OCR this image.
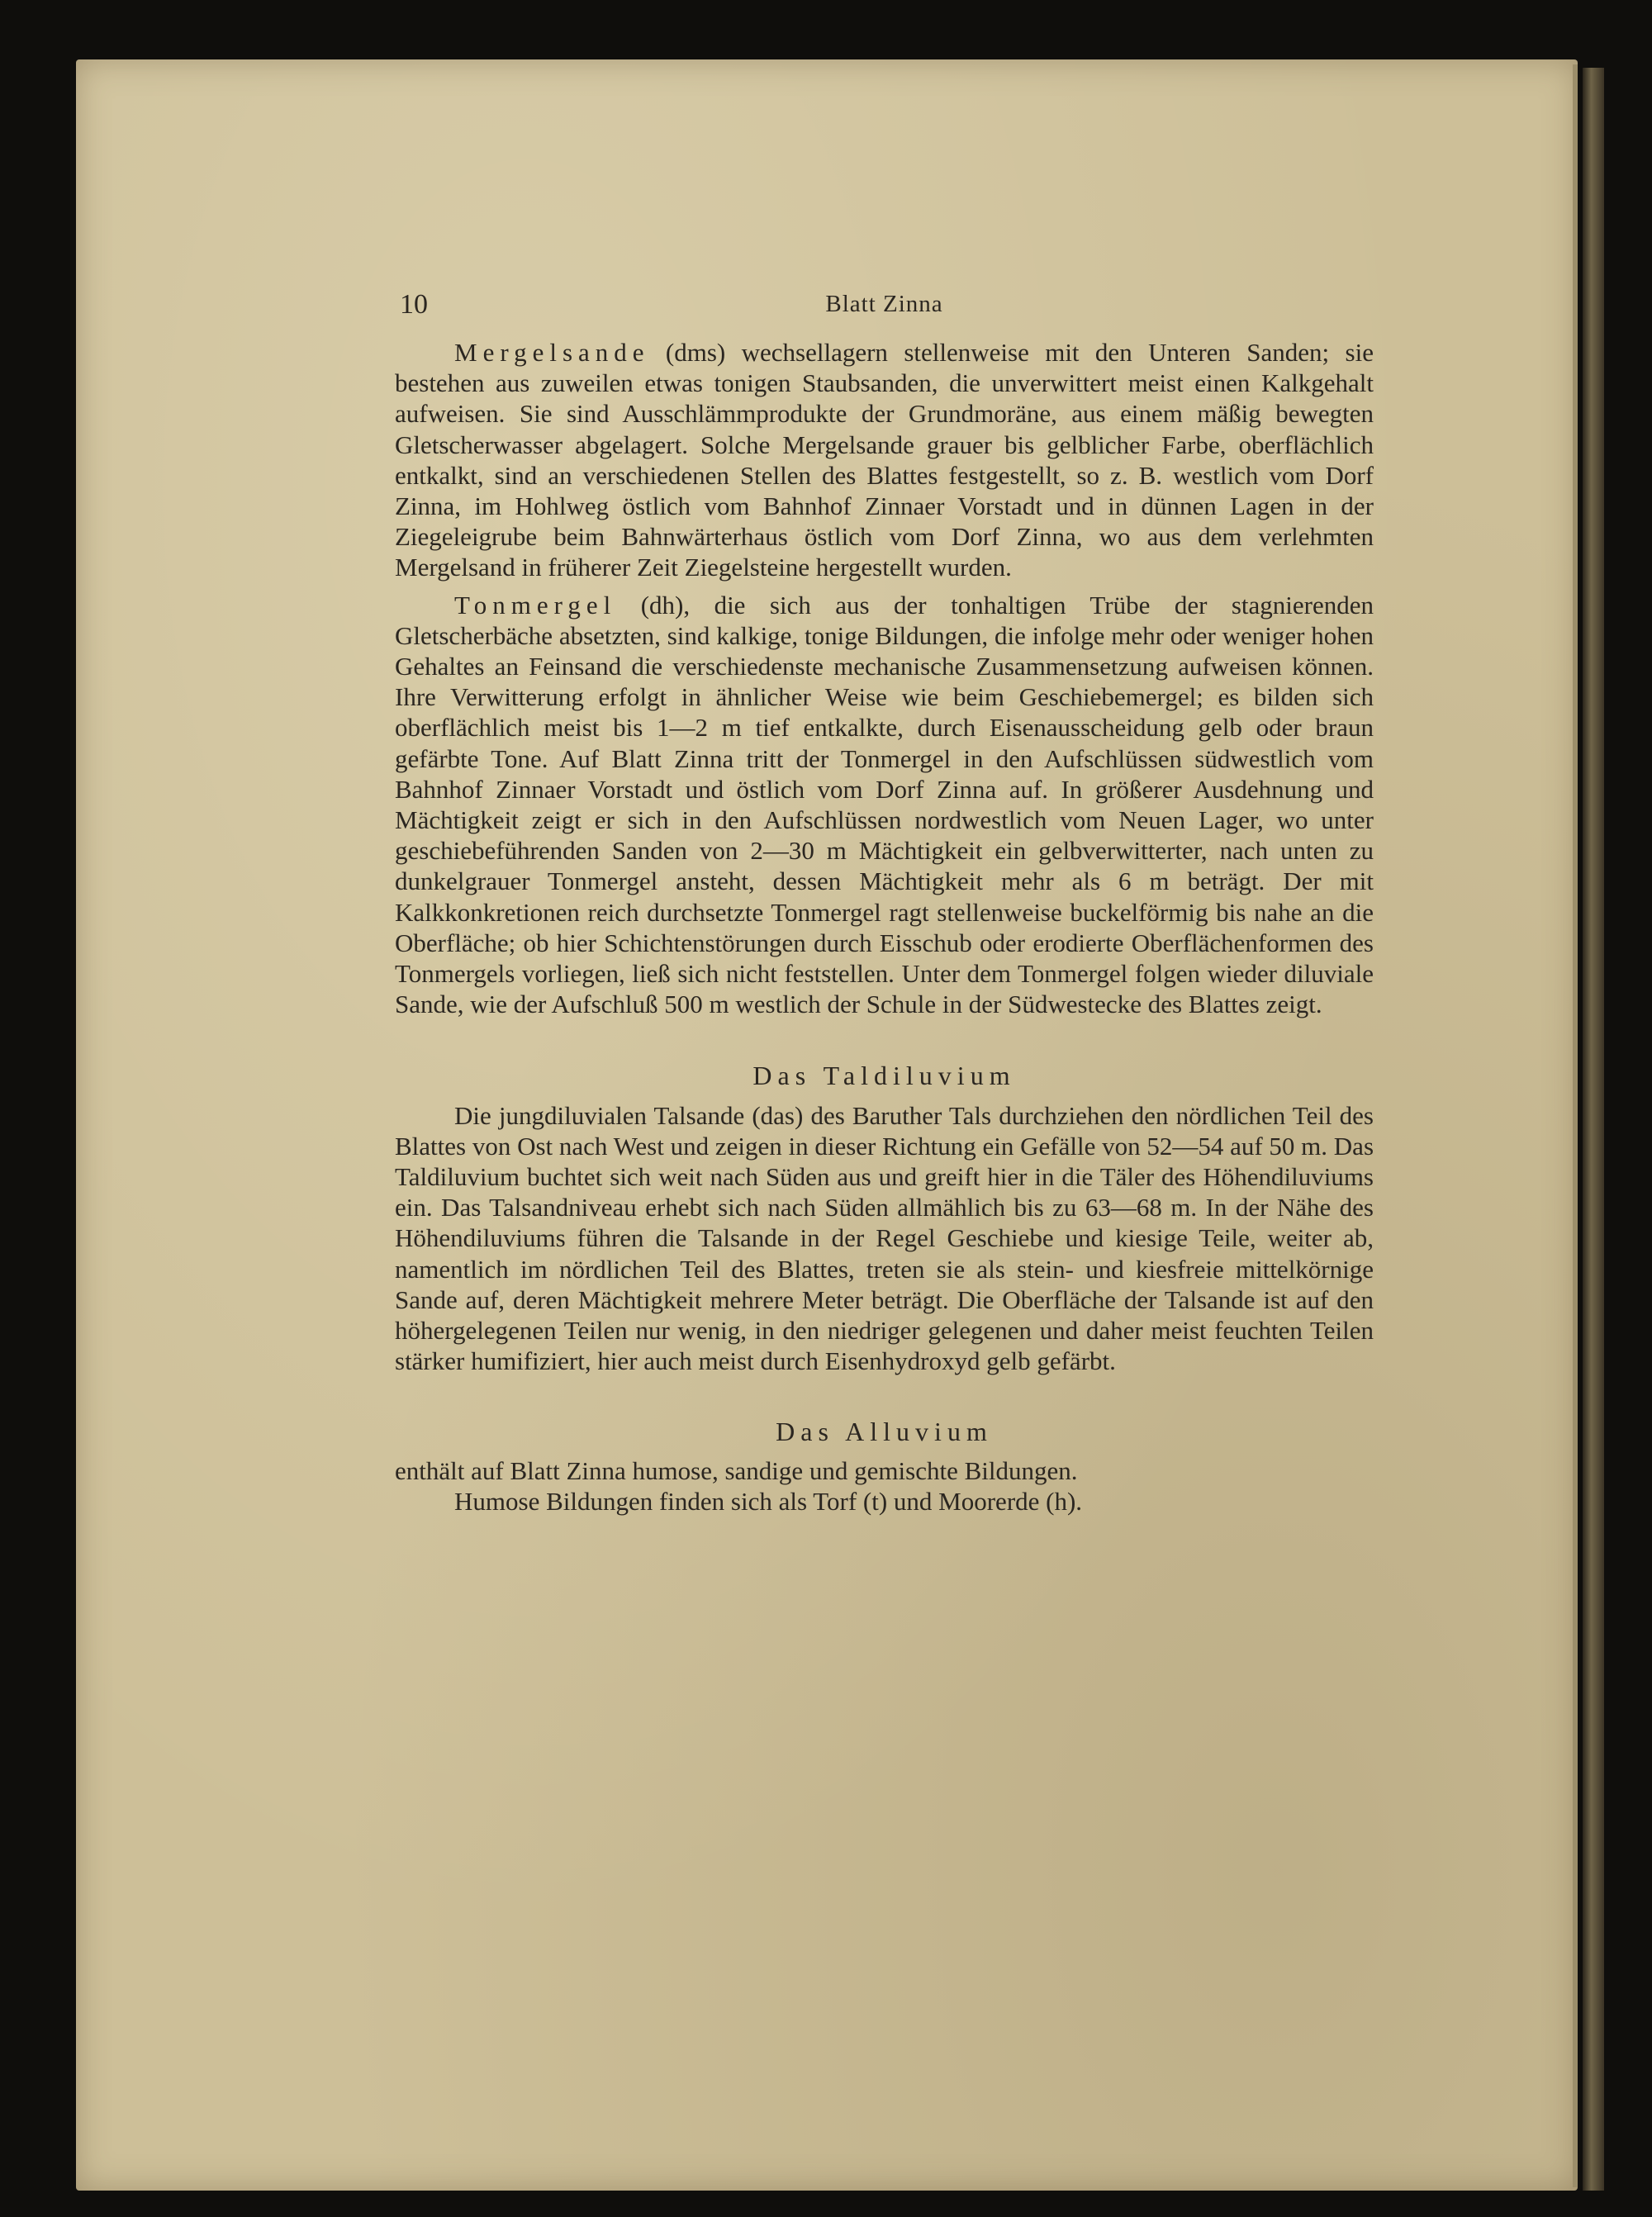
10	Blatt Zinna

Mergelsande (dms) wechsellagern stellenweise mit den Unteren Sanden; sie bestehen aus zuweilen etwas tonigen Staubsanden, die unverwittert meist einen Kalkgehalt aufweisen. Sie sind Ausschlämmprodukte der Grundmoräne, aus einem mäßig bewegten Gletscherwasser abgelagert. Solche Mergelsande grauer bis gelblicher Farbe, oberflächlich entkalkt, sind an verschiedenen Stellen des Blattes festgestellt, so z. B. westlich vom Dorf Zinna, im Hohlweg östlich vom Bahnhof Zinnaer Vorstadt und in dünnen Lagen in der Ziegeleigrube beim Bahnwärterhaus östlich vom Dorf Zinna, wo aus dem verlehmten Mergelsand in früherer Zeit Ziegelsteine hergestellt wurden.

Tonmergel (dh), die sich aus der tonhaltigen Trübe der stagnierenden Gletscherbäche absetzten, sind kalkige, tonige Bildungen, die infolge mehr oder weniger hohen Gehaltes an Feinsand die verschiedenste mechanische Zusammensetzung aufweisen können. Ihre Verwitterung erfolgt in ähnlicher Weise wie beim Geschiebemergel; es bilden sich oberflächlich meist bis 1—2 m tief entkalkte, durch Eisenausscheidung gelb oder braun gefärbte Tone. Auf Blatt Zinna tritt der Tonmergel in den Aufschlüssen südwestlich vom Bahnhof Zinnaer Vorstadt und östlich vom Dorf Zinna auf. In größerer Ausdehnung und Mächtigkeit zeigt er sich in den Aufschlüssen nordwestlich vom Neuen Lager, wo unter geschiebeführenden Sanden von 2—30 m Mächtigkeit ein gelbverwitterter, nach unten zu dunkelgrauer Tonmergel ansteht, dessen Mächtigkeit mehr als 6 m beträgt. Der mit Kalkkonkretionen reich durchsetzte Tonmergel ragt stellenweise buckelförmig bis nahe an die Oberfläche; ob hier Schichtenstörungen durch Eisschub oder erodierte Oberflächenformen des Tonmergels vorliegen, ließ sich nicht feststellen. Unter dem Tonmergel folgen wieder diluviale Sande, wie der Aufschluß 500 m westlich der Schule in der Südwestecke des Blattes zeigt.

Das Taldiluvium

Die jungdiluvialen Talsande (das) des Baruther Tals durchziehen den nördlichen Teil des Blattes von Ost nach West und zeigen in dieser Richtung ein Gefälle von 52—54 auf 50 m. Das Taldiluvium buchtet sich weit nach Süden aus und greift hier in die Täler des Höhendiluviums ein. Das Talsandniveau erhebt sich nach Süden allmählich bis zu 63—68 m. In der Nähe des Höhendiluviums führen die Talsande in der Regel Geschiebe und kiesige Teile, weiter ab, namentlich im nördlichen Teil des Blattes, treten sie als stein- und kiesfreie mittelkörnige Sande auf, deren Mächtigkeit mehrere Meter beträgt. Die Oberfläche der Talsande ist auf den höhergelegenen Teilen nur wenig, in den niedriger gelegenen und daher meist feuchten Teilen stärker humifiziert, hier auch meist durch Eisenhydroxyd gelb gefärbt.

Das Alluvium

enthält auf Blatt Zinna humose, sandige und gemischte Bildungen.

Humose Bildungen finden sich als Torf (t) und Moorerde (h).
